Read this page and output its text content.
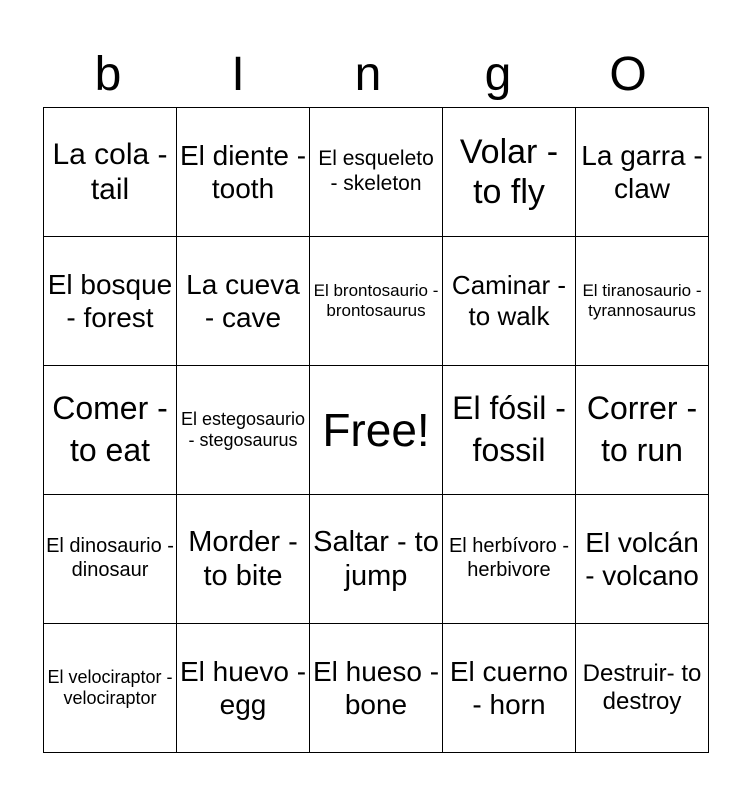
b	I	n	g	O
La cola - tail	El diente - tooth	El esqueleto - skeleton	Volar - to fly	La garra - claw
El bosque - forest	La cueva - cave	El brontosaurio - brontosaurus	Caminar - to walk	El tiranosaurio - tyrannosaurus
Comer - to eat	El estegosaurio - stegosaurus	Free!	El fósil - fossil	Correr - to run
El dinosaurio - dinosaur	Morder - to bite	Saltar - to jump	El herbívoro - herbivore	El volcán - volcano
El velociraptor - velociraptor	El huevo - egg	El hueso - bone	El cuerno - horn	Destruir- to destroy
